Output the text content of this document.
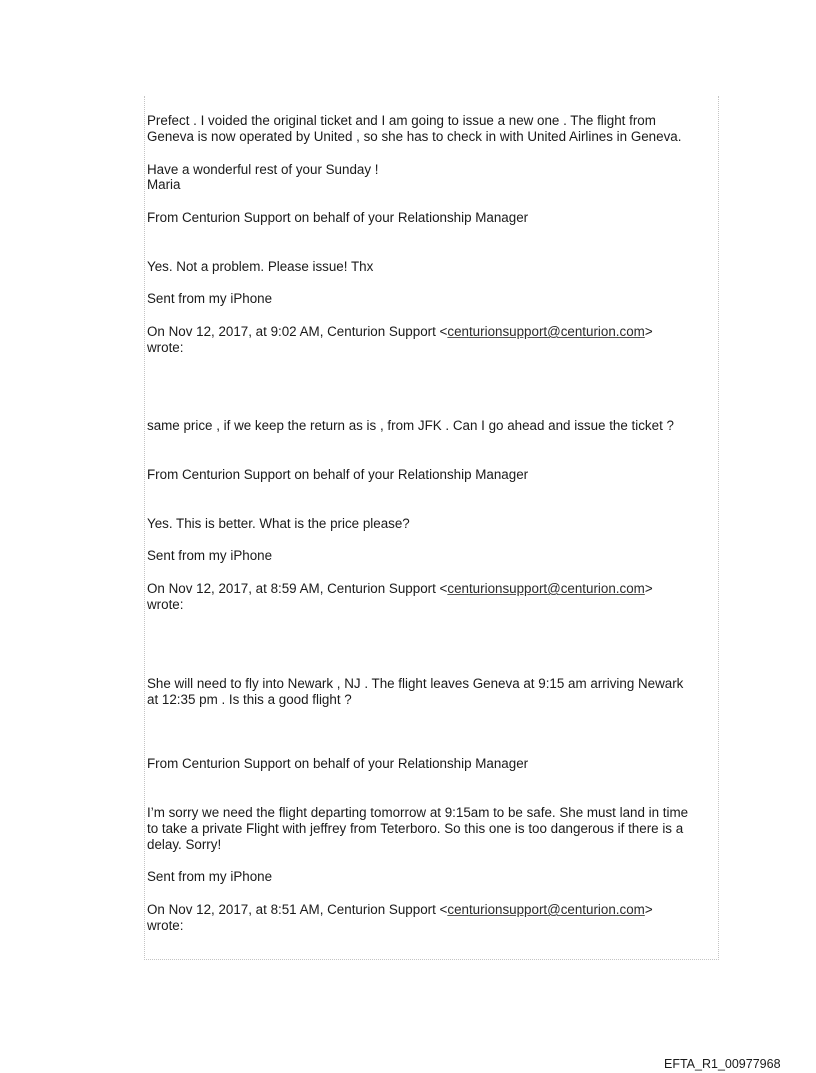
Prefect . I voided the original ticket and I am going to issue a new one . The flight from

Geneva is now operated by United , so she has to check in with United Airlines in Geneva.

Have a wonderful rest of your Sunday !

Maria

From Centurion Support on behalf of your Relationship Manager

Yes. Not a problem. Please issue! Thx

Sent from my iPhone

On Nov 12, 2017, at 9:02 AM, Centurion Support <centurionsupport@centurion.com>

wrote:

same price , if we keep the return as is , from JFK . Can I go ahead and issue the ticket ?

From Centurion Support on behalf of your Relationship Manager

Yes. This is better. What is the price please?

Sent from my iPhone

On Nov 12, 2017, at 8:59 AM, Centurion Support <centurionsupport@centurion.com>

wrote:

She will need to fly into Newark , NJ . The flight leaves Geneva at 9:15 am arriving Newark

at 12:35 pm . Is this a good flight ?

From Centurion Support on behalf of your Relationship Manager

I’m sorry we need the flight departing tomorrow at 9:15am to be safe. She must land in time

to take a private Flight with jeffrey from Teterboro. So this one is too dangerous if there is a

delay. Sorry!

Sent from my iPhone

On Nov 12, 2017, at 8:51 AM, Centurion Support <centurionsupport@centurion.com>

wrote:

EFTA_R1_00977968
